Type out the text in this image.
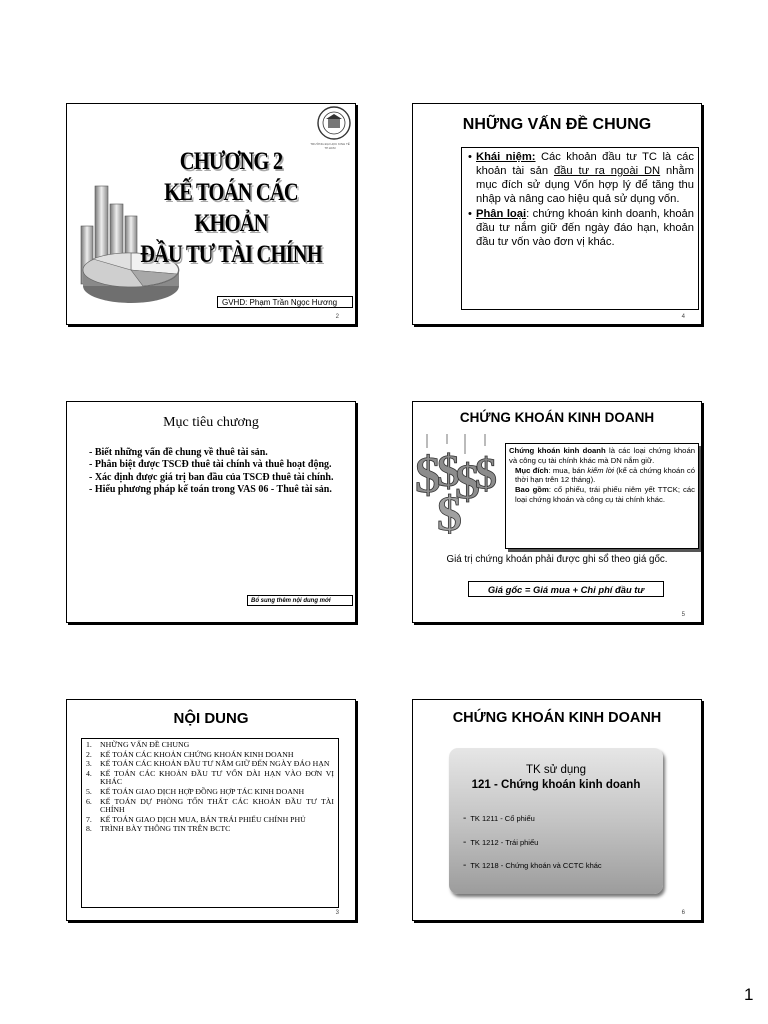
TRƯỜNG ĐẠI HỌC KINH TẾ TP.HCM
CHƯƠNG 2
KẾ TOÁN CÁC KHOẢN
ĐẦU TƯ TÀI CHÍNH
GVHD: Phạm Trần Ngọc Hương
2
NHỮNG VẤN ĐỀ CHUNG
• Khái niệm: Các khoản đầu tư TC là các khoản tài sản đầu tư ra ngoài DN nhằm mục đích sử dụng Vốn hợp lý để tăng thu nhập và nâng cao hiệu quả sử dụng vốn.
• Phân loại: chứng khoán kinh doanh, khoản đầu tư nắm giữ đến ngày đáo hạn, khoản đầu tư vốn vào đơn vị khác.
4
Mục tiêu chương
- Biết những vấn đề chung về thuê tài sản.
- Phân biệt được TSCĐ thuê tài chính và thuê hoạt động.
- Xác định được giá trị ban đầu của TSCĐ thuê tài chính.
- Hiểu phương pháp kế toán trong VAS 06 - Thuê tài sản.
Bổ sung thêm nội dung mới
CHỨNG KHOÁN KINH DOANH
$
$
$
$
$
Chứng khoán kinh doanh là các loại chứng khoán và công cụ tài chính khác mà DN nắm giữ.
Mục đích: mua, bán kiếm lời (kể cả chứng khoán có thời hạn trên 12 tháng).
Bao gồm: cổ phiếu, trái phiếu niêm yết TTCK; các loại chứng khoán và công cụ tài chính khác.
Giá trị chứng khoán phải được ghi sổ theo giá gốc.
Giá gốc = Giá mua + Chi phí đầu tư
5
NỘI DUNG
1.	NHỮNG VẤN ĐỀ CHUNG
2.	KẾ TOÁN CÁC KHOẢN CHỨNG KHOÁN KINH DOANH
3.	KẾ TOÁN CÁC KHOẢN ĐẦU TƯ NẮM GIỮ ĐẾN NGÀY ĐÁO HẠN
4.	KẾ TOÁN CÁC KHOẢN ĐẦU TƯ VỐN DÀI HẠN VÀO ĐƠN VỊ KHÁC
5.	KẾ TOÁN GIAO DỊCH HỢP ĐỒNG HỢP TÁC KINH DOANH
6.	KẾ TOÁN DỰ PHÒNG TỔN THẤT CÁC KHOẢN ĐẦU TƯ TÀI CHÍNH
7.	KẾ TOÁN GIAO DỊCH MUA, BÁN TRÁI PHIẾU CHÍNH PHỦ
8.	TRÌNH BÀY THÔNG TIN TRÊN BCTC
3
CHỨNG KHOÁN KINH DOANH
TK sử dụng
121 - Chứng khoán kinh doanh
- TK 1211 - Cổ phiếu
- TK 1212 - Trái phiếu
- TK 1218 - Chứng khoán và CCTC khác
6
1
